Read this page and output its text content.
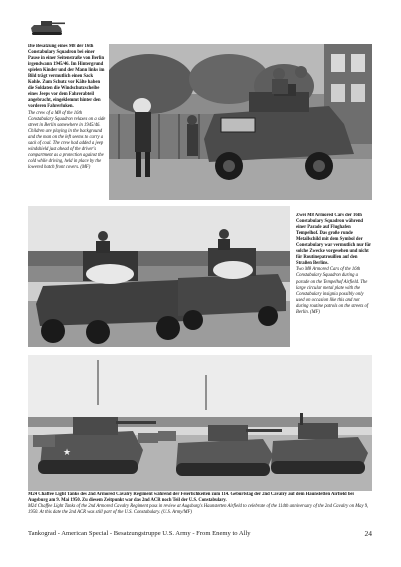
Die Besatzung eines M8 der 16th Constabulary Squadron bei einer Pause in einer Seitenstraße von Berlin irgendwann 1945/46. Im Hintergrund spielen Kinder und der Mann links im Bild trägt vermutlich einen Sack Kohle. Zum Schutz vor Kälte haben die Soldaten die Windschutzscheibe eines Jeeps vor dem Fahrerabteil angebracht, eingeklemmt hinter den vorderen Fahrerluken.
The crew of a M8 of the 16th Constabulary Squadron relaxes on a side street in Berlin somewhere in 1945/46. Children are playing in the background and the man on the left seems to carry a sack of coal. The crew had added a jeep windshield just ahead of the driver's compartment as a protection against the cold while driving, held in place by the lowered hatch front covers. (MF)
Zwei M8 Armored Cars der 16th Constabulary Squadron während einer Parade auf Flughafen Tempelhof. Das große runde Metallschild mit dem Symbol der Constabulary war vermutlich nur für solche Zwecke vorgesehen und nicht für Routinepatrouillen auf den Straßen Berlins.
Two M8 Armored Cars of the 16th Constabulary Squadron during a parade on the Tempelhof Airfield. The large circular metal plate with the Constabulary insignia possibly only used on occasion like this and not during routine patrols on the streets of Berlin. (MF)
★
M24 Chaffee Light Tanks des 2nd Armored Cavalry Regiment während der Feierlichkeiten zum 114. Geburtstag der 2nd Cavalry auf dem Haunstetten Airfield bei Augsburg am 9. Mai 1950. Zu diesem Zeitpunkt war das 2nd ACR noch Teil der U.S. Constabulary.
M24 Chaffee Light Tanks of the 2nd Armored Cavalry Regiment pass in review at Augsburg's Haunstetten Airfield to celebrate of the 114th anniversary of the 2nd Cavalry on May 9, 1950. At this date the 2nd ACR was still part of the U.S. Constabulary. (U.S. Army/MF)
Tankograd - American Special - Besatzungstruppe U.S. Army - From Enemy to Ally	24
